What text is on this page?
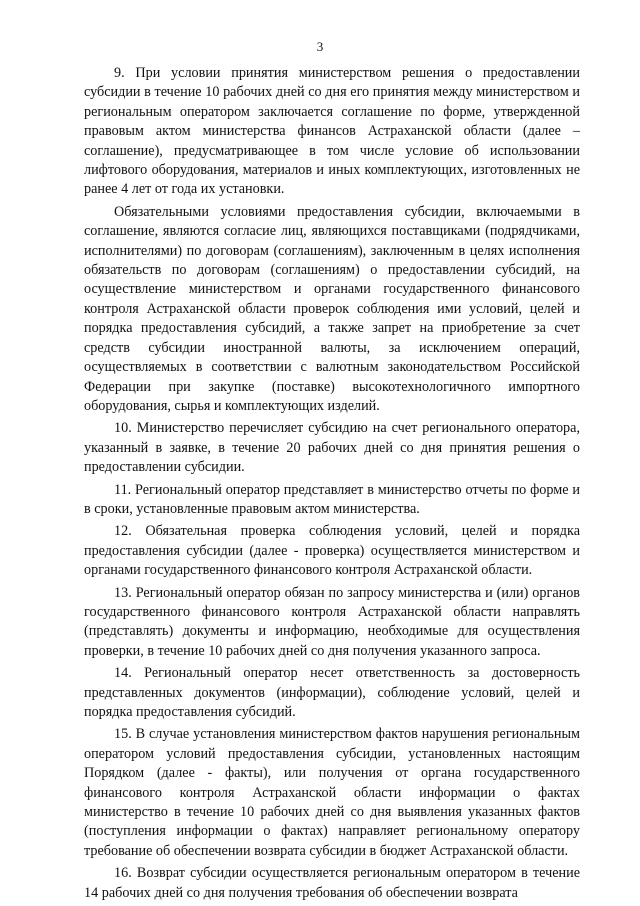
3

9. При условии принятия министерством решения о предоставлении субсидии в течение 10 рабочих дней со дня его принятия между министерством и региональным оператором заключается соглашение по форме, утвержденной правовым актом министерства финансов Астраханской области (далее – соглашение), предусматривающее в том числе условие об использовании лифтового оборудования, материалов и иных комплектующих, изготовленных не ранее 4 лет от года их установки.

Обязательными условиями предоставления субсидии, включаемыми в соглашение, являются согласие лиц, являющихся поставщиками (подрядчиками, исполнителями) по договорам (соглашениям), заключенным в целях исполнения обязательств по договорам (соглашениям) о предоставлении субсидий, на осуществление министерством и органами государственного финансового контроля Астраханской области проверок соблюдения ими условий, целей и порядка предоставления субсидий, а также запрет на приобретение за счет средств субсидии иностранной валюты, за исключением операций, осуществляемых в соответствии с валютным законодательством Российской Федерации при закупке (поставке) высокотехнологичного импортного оборудования, сырья и комплектующих изделий.

10. Министерство перечисляет субсидию на счет регионального оператора, указанный в заявке, в течение 20 рабочих дней со дня принятия решения о предоставлении субсидии.

11. Региональный оператор представляет в министерство отчеты по форме и в сроки, установленные правовым актом министерства.

12. Обязательная проверка соблюдения условий, целей и порядка предоставления субсидии (далее - проверка) осуществляется министерством и органами государственного финансового контроля Астраханской области.

13. Региональный оператор обязан по запросу министерства и (или) органов государственного финансового контроля Астраханской области направлять (представлять) документы и информацию, необходимые для осуществления проверки, в течение 10 рабочих дней со дня получения указанного запроса.

14. Региональный оператор несет ответственность за достоверность представленных документов (информации), соблюдение условий, целей и порядка предоставления субсидий.

15. В случае установления министерством фактов нарушения региональным оператором условий предоставления субсидии, установленных настоящим Порядком (далее - факты), или получения от органа государственного финансового контроля Астраханской области информации о фактах министерство в течение 10 рабочих дней со дня выявления указанных фактов (поступления информации о фактах) направляет региональному оператору требование об обеспечении возврата субсидии в бюджет Астраханской области.

16. Возврат субсидии осуществляется региональным оператором в течение 14 рабочих дней со дня получения требования об обеспечении возврата
